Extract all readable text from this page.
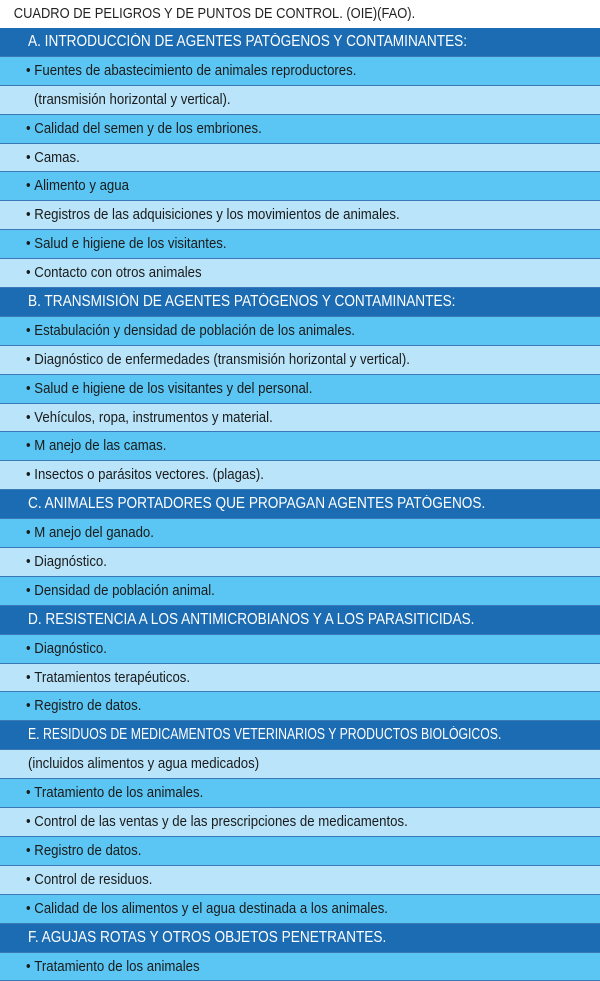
CUADRO DE PELIGROS Y DE PUNTOS DE CONTROL. (OIE)(FAO).
A. INTRODUCCIÓN DE AGENTES PATÓGENOS Y CONTAMINANTES:
• Fuentes de abastecimiento de animales reproductores.
(transmisión horizontal y vertical).
• Calidad del semen y de los embriones.
• Camas.
• Alimento y agua
• Registros de las adquisiciones y los movimientos de animales.
• Salud e higiene de los visitantes.
• Contacto con otros animales
B. TRANSMISIÓN DE AGENTES PATÓGENOS Y CONTAMINANTES:
• Estabulación y densidad de población de los animales.
• Diagnóstico de enfermedades (transmisión horizontal y vertical).
• Salud e higiene de los visitantes y del personal.
• Vehículos, ropa, instrumentos y material.
• M anejo de las camas.
• Insectos o parásitos vectores. (plagas).
C. ANIMALES PORTADORES QUE PROPAGAN AGENTES PATÓGENOS.
• M anejo del ganado.
• Diagnóstico.
• Densidad de población animal.
D. RESISTENCIA A LOS ANTIMICROBIANOS Y A LOS PARASITICIDAS.
• Diagnóstico.
• Tratamientos terapéuticos.
• Registro de datos.
E. RESIDUOS DE MEDICAMENTOS VETERINARIOS Y PRODUCTOS BIOLÓGICOS.
(incluidos alimentos y agua medicados)
• Tratamiento de los animales.
• Control de las ventas y de las prescripciones de medicamentos.
• Registro de datos.
• Control de residuos.
• Calidad de los alimentos y el agua destinada a los animales.
F. AGUJAS ROTAS Y OTROS OBJETOS PENETRANTES.
• Tratamiento de los animales
